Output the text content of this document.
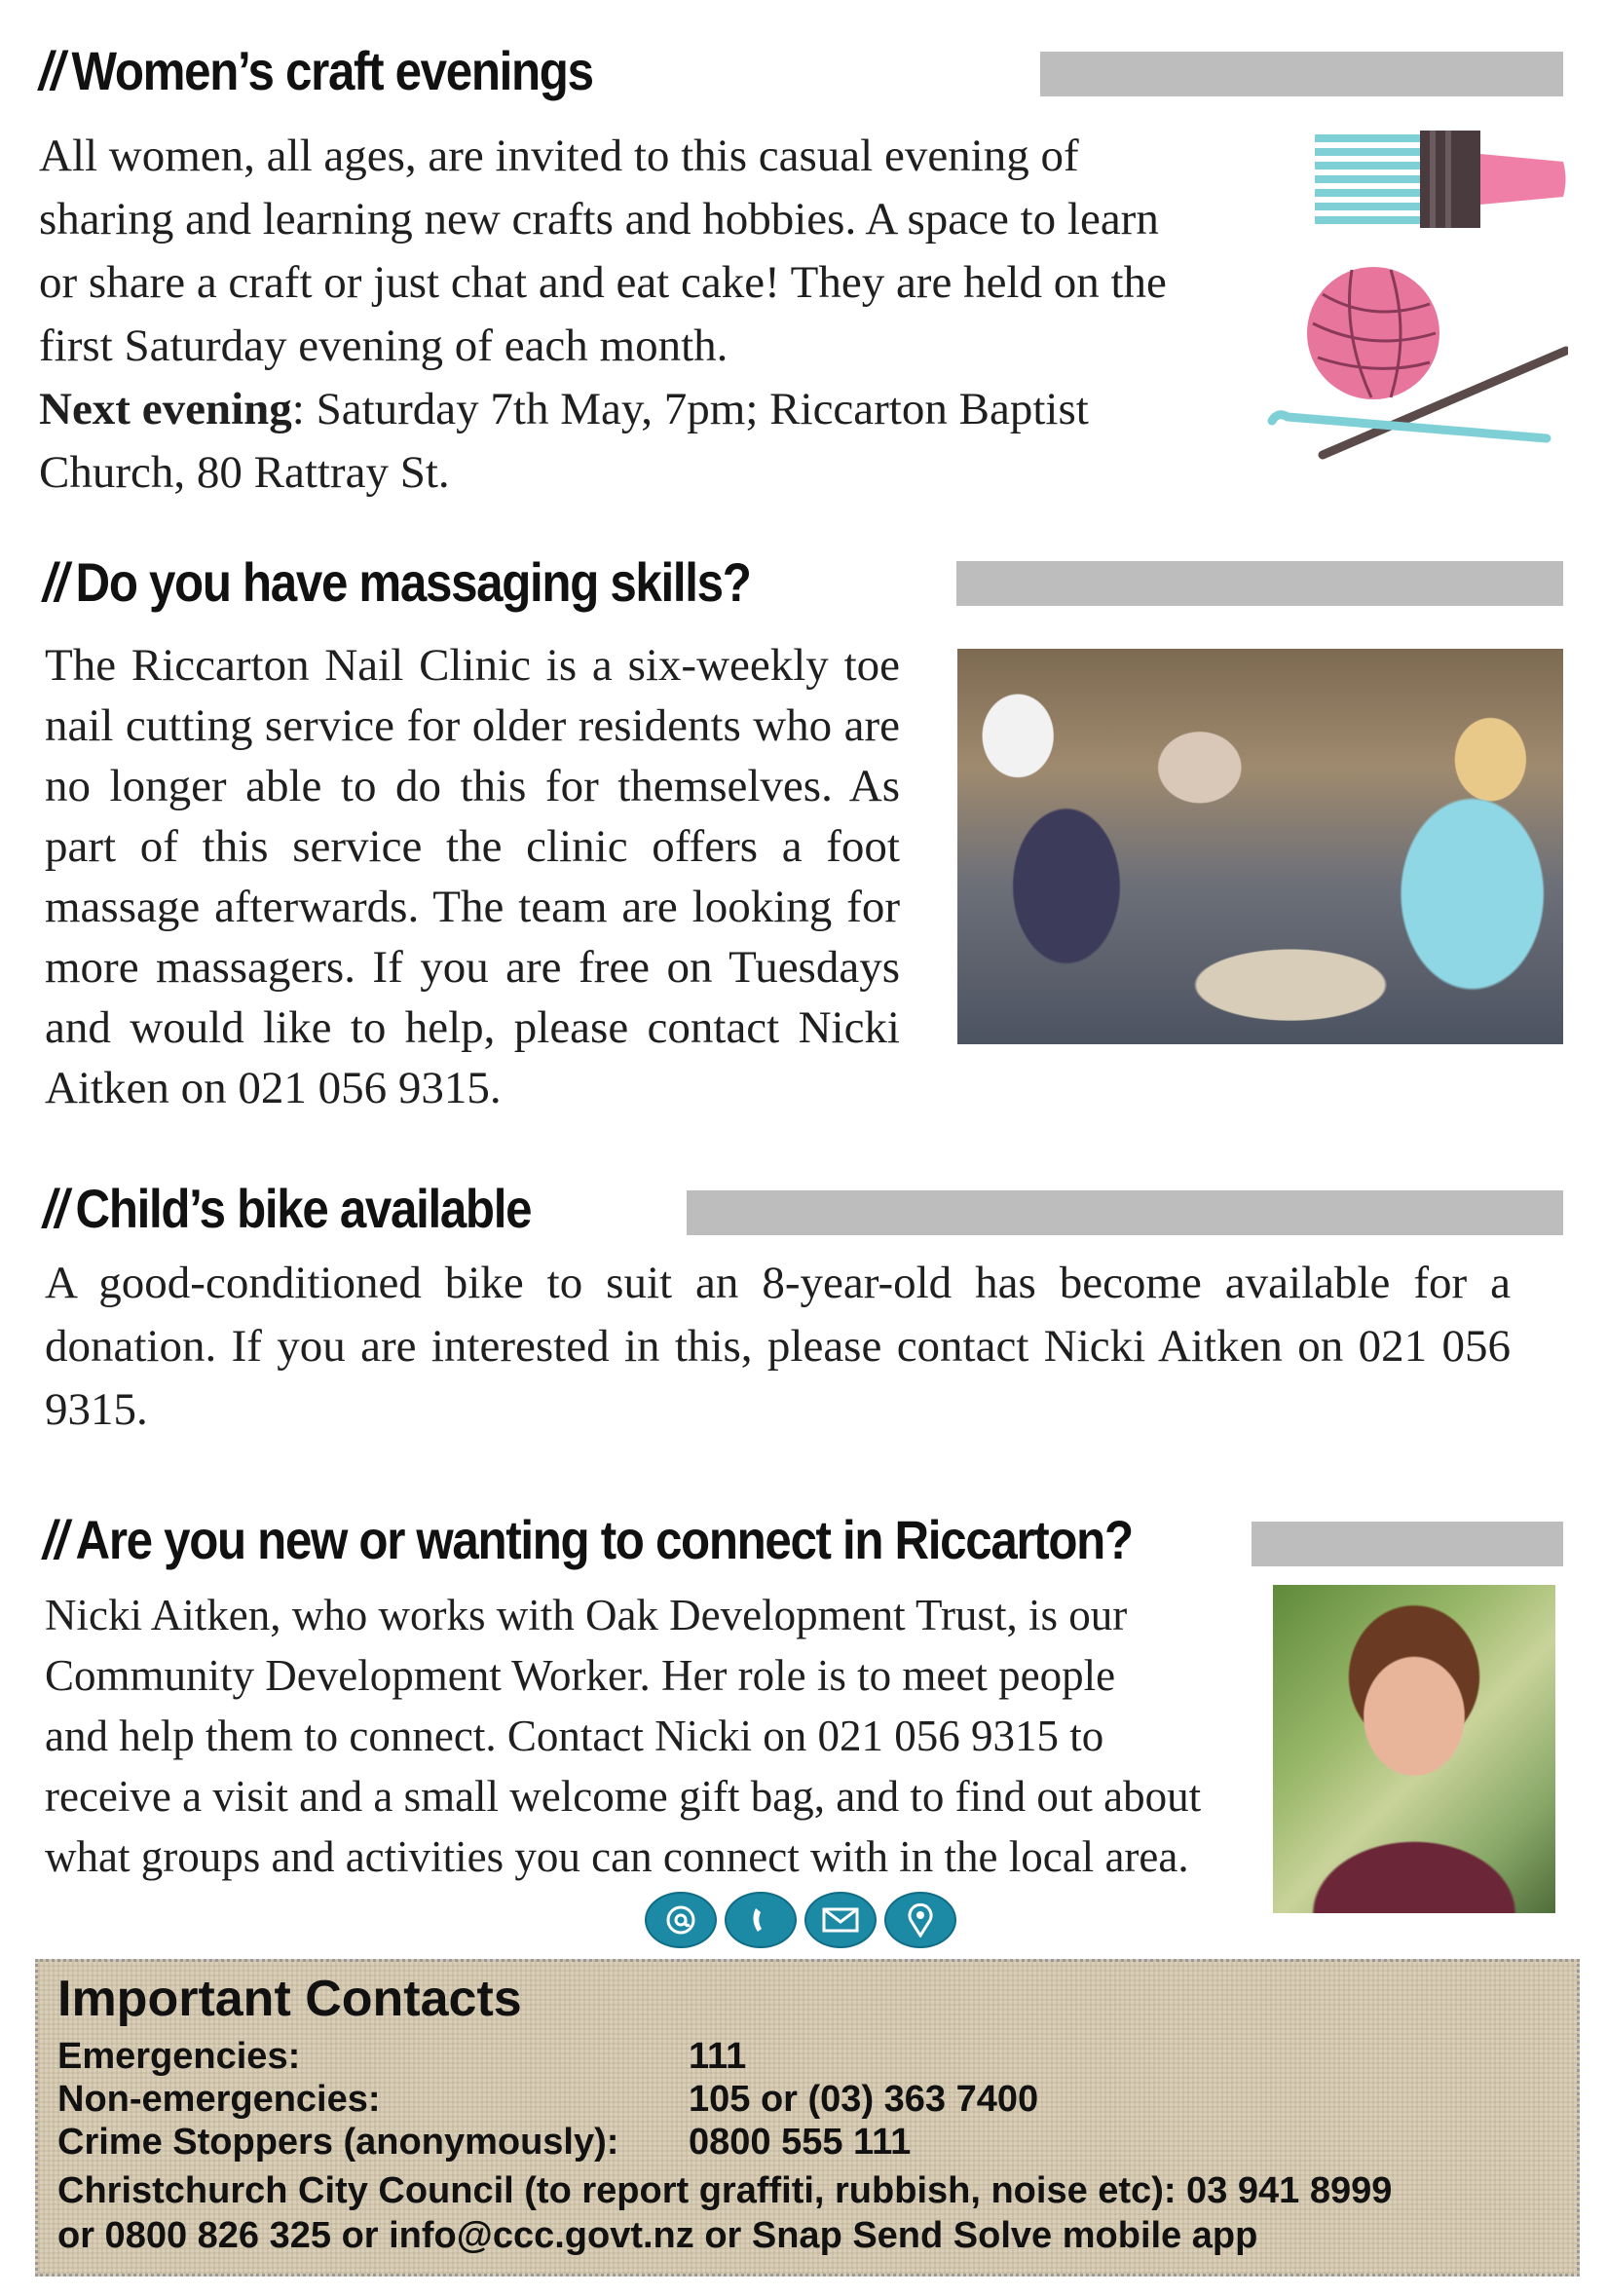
// Women’s craft evenings
All women, all ages, are invited to this casual evening of
sharing and learning new crafts and hobbies. A space to learn
or share a craft or just chat and eat cake! They are held on the
first Saturday evening of each month.
Next evening: Saturday 7th May, 7pm; Riccarton Baptist
Church, 80 Rattray St.
// Do you have massaging skills?
The Riccarton Nail Clinic is a six-weekly toe nail cutting service for older residents who are no longer able to do this for themselves. As part of this service the clinic offers a foot massage afterwards. The team are looking for more massagers. If you are free on Tuesdays and would like to help, please contact Nicki Aitken on 021 056 9315.
// Child’s bike available
A good-conditioned bike to suit an 8-year-old has become available for a donation. If you are interested in this, please contact Nicki Aitken on 021 056 9315.
// Are you new or wanting to connect in Riccarton?
Nicki Aitken, who works with Oak Development Trust, is our
Community Development Worker. Her role is to meet people
and help them to connect. Contact Nicki on 021 056 9315 to
receive a visit and a small welcome gift bag, and to find out about
what groups and activities you can connect with in the local area.
Important Contacts
Emergencies:	111
Non-emergencies:	105 or (03) 363 7400
Crime Stoppers (anonymously): 0800 555 111
Christchurch City Council (to report graffiti, rubbish, noise etc): 03 941 8999
or 0800 826 325 or info@ccc.govt.nz or Snap Send Solve mobile app
